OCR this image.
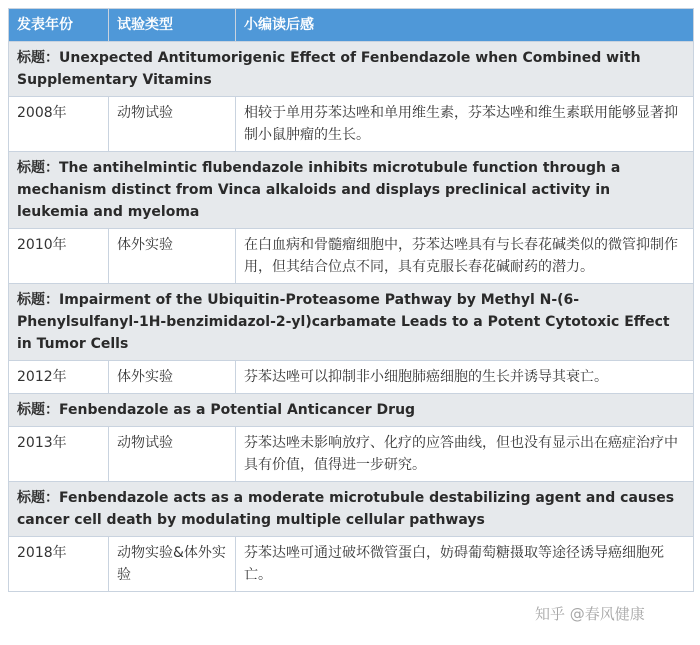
发表年份	试验类型	小编读后感
标题：Unexpected Antitumorigenic Effect of Fenbendazole when Combined with Supplementary Vitamins		
2008年	动物试验	相较于单用芬苯达唑和单用维生素，芬苯达唑和维生素联用能够显著抑制小鼠肿瘤的生长。
标题：The antihelmintic flubendazole inhibits microtubule function through a mechanism distinct from Vinca alkaloids and displays preclinical activity in leukemia and myeloma		
2010年	体外实验	在白血病和骨髓瘤细胞中，芬苯达唑具有与长春花碱类似的微管抑制作用，但其结合位点不同，具有克服长春花碱耐药的潜力。
标题：Impairment of the Ubiquitin-Proteasome Pathway by Methyl N-(6-Phenylsulfanyl-1H-benzimidazol-2-yl)carbamate Leads to a Potent Cytotoxic Effect in Tumor Cells		
2012年	体外实验	芬苯达唑可以抑制非小细胞肺癌细胞的生长并诱导其衰亡。
标题：Fenbendazole as a Potential Anticancer Drug		
2013年	动物试验	芬苯达唑未影响放疗、化疗的应答曲线，但也没有显示出在癌症治疗中具有价值，值得进一步研究。
标题：Fenbendazole acts as a moderate microtubule destabilizing agent and causes cancer cell death by modulating multiple cellular pathways		
2018年	动物实验&体外实验	芬苯达唑可通过破坏微管蛋白，妨碍葡萄糖摄取等途径诱导癌细胞死亡。
知乎 @春风健康
